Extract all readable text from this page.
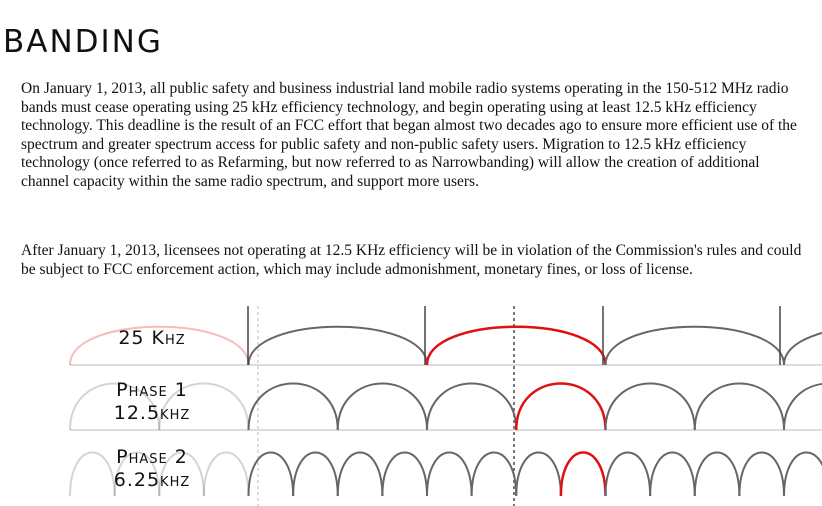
BANDING

On January 1, 2013, all public safety and business industrial land mobile radio systems operating in the 150-512 MHz radio bands must cease operating using 25 kHz efficiency technology, and begin operating using at least 12.5 kHz efficiency technology. This deadline is the result of an FCC effort that began almost two decades ago to ensure more efficient use of the spectrum and greater spectrum access for public safety and non-public safety users. Migration to 12.5 kHz efficiency technology (once referred to as Refarming, but now referred to as Narrowbanding) will allow the creation of additional channel capacity within the same radio spectrum, and support more users.

After January 1, 2013, licensees not operating at 12.5 KHz efficiency will be in violation of the Commission's rules and could be subject to FCC enforcement action, which may include admonishment, monetary fines, or loss of license.

25 Khz
Phase 1
12.5khz
Phase 2
6.25khz
